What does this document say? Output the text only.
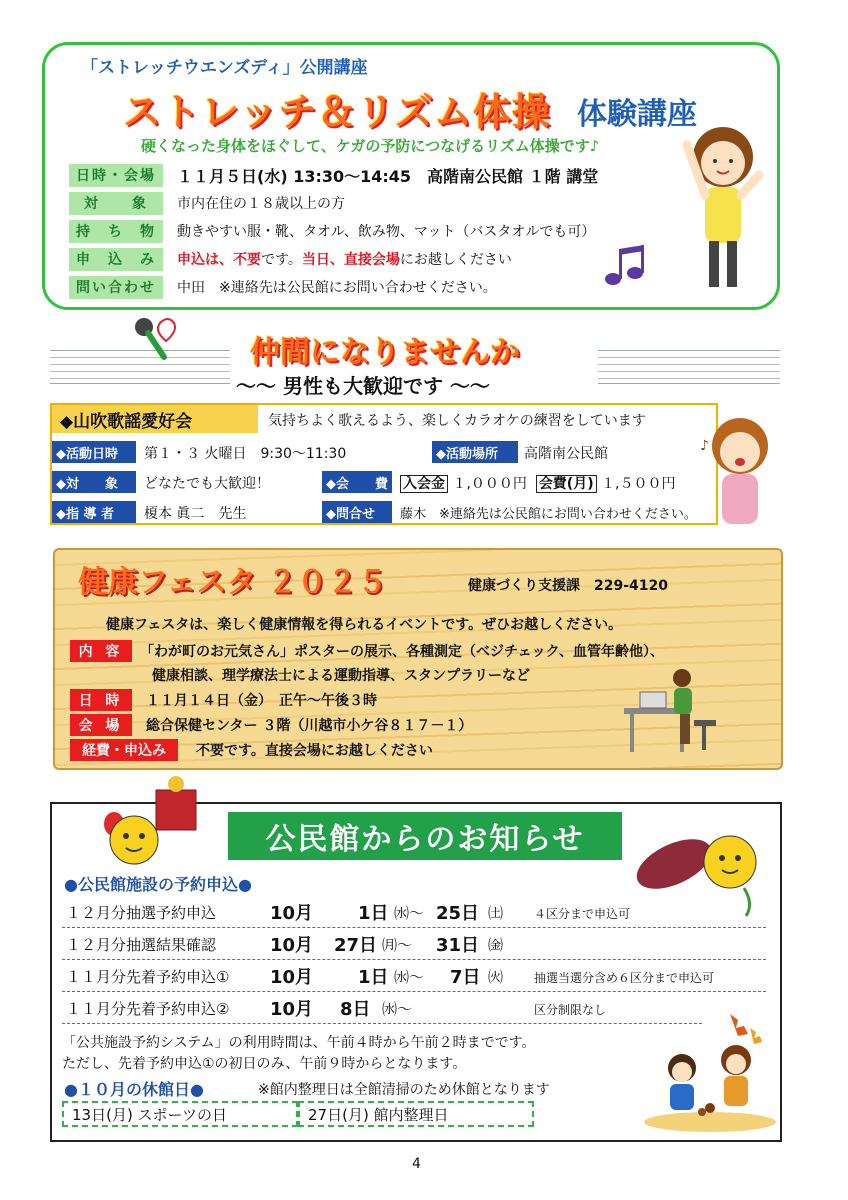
「ストレッチウエンズディ」公開講座
ストレッチ＆リズム体操 体験講座
硬くなった身体をほぐして、ケガの予防につなげるリズム体操です♪
日時・会場	１１月５日(水) 13:30～14:45　高階南公民館 １階 講堂
対　　象	市内在住の１８歳以上の方
持　ち　物	動きやすい服・靴、タオル、飲み物、マット（バスタオルでも可）
申　込　み	申込は、不要です。当日、直接会場にお越しください
問い合わせ	中田　※連絡先は公民館にお問い合わせください。
仲間になりませんか
～～ 男性も大歓迎です ～～
◆山吹歌謡愛好会	気持ちよく歌えるよう、楽しくカラオケの練習をしています
◆活動日時	第１・３ 火曜日　9:30～11:30	◆活動場所	高階南公民館
◆対　　象	どなたでも大歓迎！	◆会　　費 入会金 １,０００円 会費(月) １,５００円
◆指 導 者	榎本 眞二　先生	◆問合せ	藤木　※連絡先は公民館にお問い合わせください。
♪
健康フェスタ ２０２５	健康づくり支援課　229-4120
健康フェスタは、楽しく健康情報を得られるイベントです。ぜひお越しください。
内 容	「わが町のお元気さん」ポスターの展示、各種測定（ベジチェック、血管年齢他）、
健康相談、理学療法士による運動指導、スタンプラリーなど
日 時	１１月１４日（金）　正午～午後３時
会 場	総合保健センター ３階（川越市小ケ谷８１７－１）
経費・申込み	不要です。直接会場にお越しください
公民館からのお知らせ
●公民館施設の予約申込●
１２月分抽選予約申込	10月 1日 ㈬～ 25日 ㈯	４区分まで申込可
１２月分抽選結果確認	10月 27日 ㈪～ 31日 ㈮
１１月分先着予約申込① 10月 1日 ㈬～ 7日 ㈫	抽選当選分含め６区分まで申込可
１１月分先着予約申込② 10月 8日 ㈬～	区分制限なし
「公共施設予約システム」の利用時間は、午前４時から午前２時までです。
ただし、先着予約申込①の初日のみ、午前９時からとなります。
●１０月の休館日●	※館内整理日は全館清掃のため休館となります
13日(月) スポーツの日	27日(月) 館内整理日
4
